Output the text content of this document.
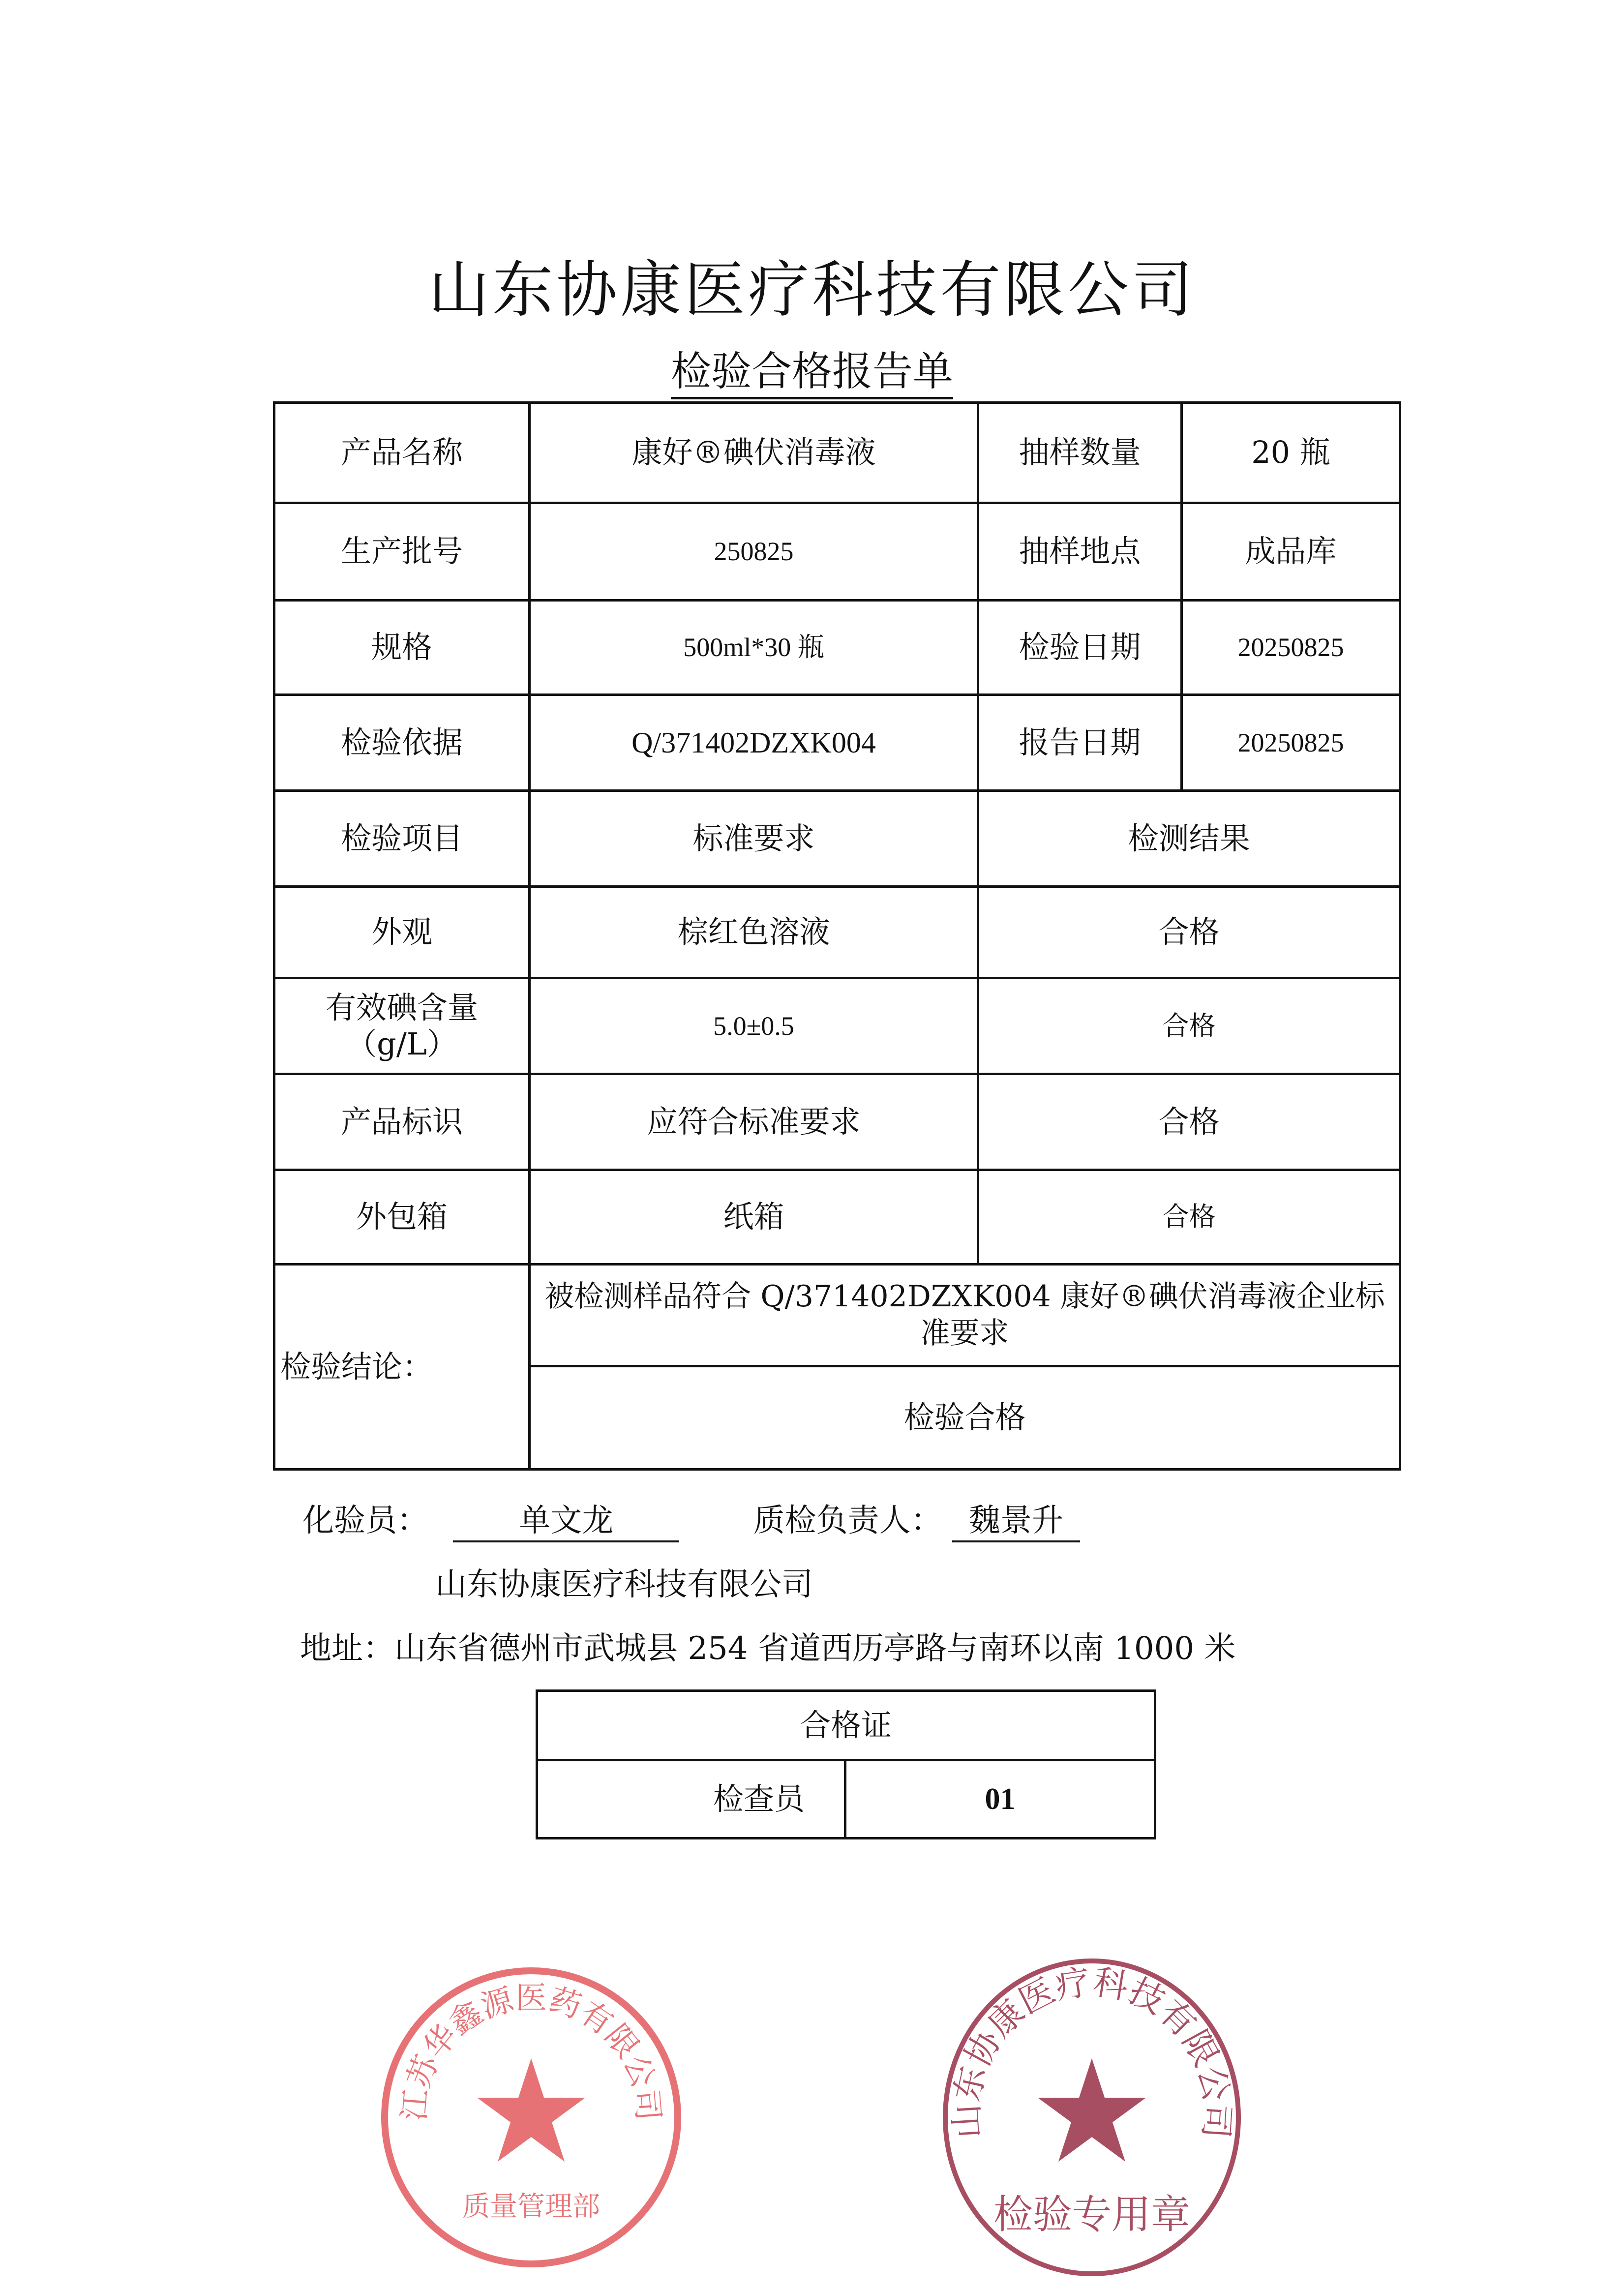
山东协康医疗科技有限公司
检验合格报告单
产品名称	康好®碘伏消毒液	抽样数量	20 瓶
生产批号	250825	抽样地点	成品库
规格	500ml*30 瓶	检验日期	20250825
检验依据	Q/371402DZXK004	报告日期	20250825
检验项目	标准要求	检测结果	
外观	棕红色溶液	合格	

有效碘含量
（g/L）	5.0±0.5	合格	
产品标识	应符合标准要求	合格	
外包箱	纸箱	合格	
检验结论：	被检测样品符合 Q/371402DZXK004 康好®碘伏消毒液企业标准要求		
	检验合格		
化验员：	单文龙	质检负责人： 魏景升
山东协康医疗科技有限公司
地址：山东省德州市武城县 254 省道西历亭路与南环以南 1000 米
合格证
检查员	01
江苏华鑫源医药有限公司
质量管理部
山东协康医疗科技有限公司
检验专用章
